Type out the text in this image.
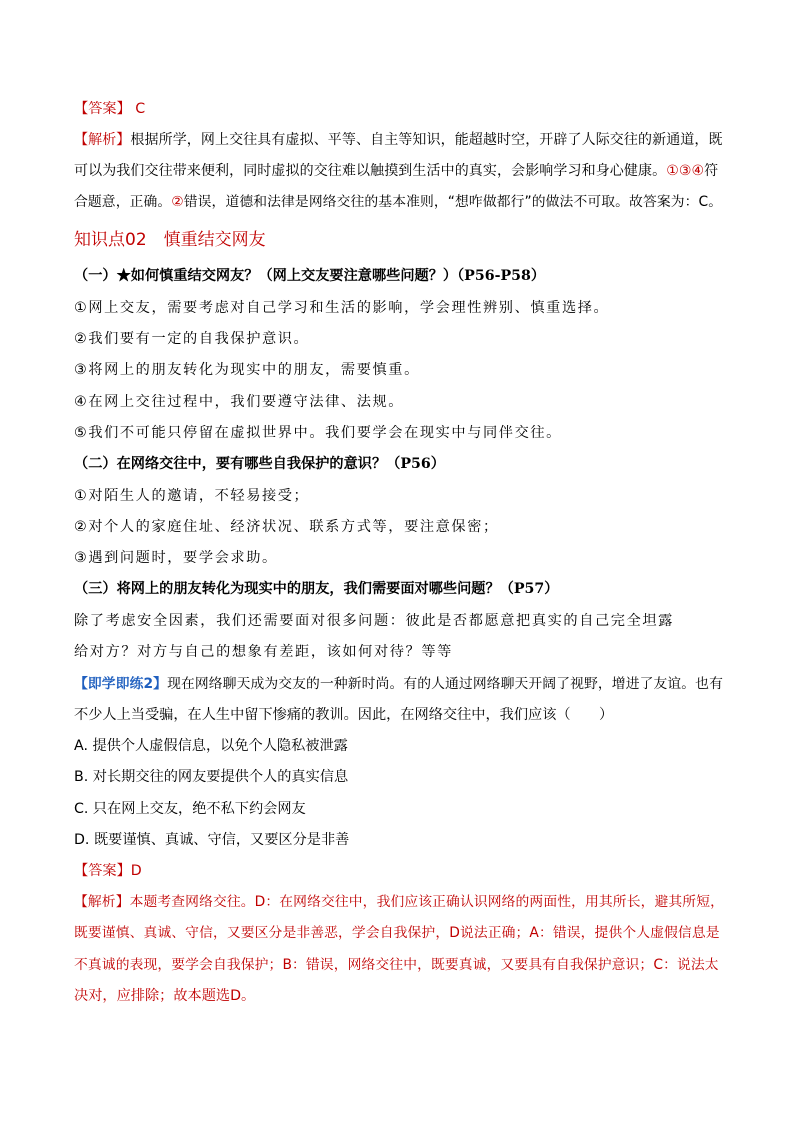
【答案】 C
【解析】根据所学，网上交往具有虚拟、平等、自主等知识，能超越时空，开辟了人际交往的新通道，既
可以为我们交往带来便利，同时虚拟的交往难以触摸到生活中的真实，会影响学习和身心健康。①③④符
合题意，正确。②错误，道德和法律是网络交往的基本准则，“想咋做都行”的做法不可取。故答案为：C。
知识点02　慎重结交网友
（一）★如何慎重结交网友？（网上交友要注意哪些问题？）（P56-P58）
①网上交友，需要考虑对自己学习和生活的影响，学会理性辨别、慎重选择。
②我们要有一定的自我保护意识。
③将网上的朋友转化为现实中的朋友，需要慎重。
④在网上交往过程中，我们要遵守法律、法规。
⑤我们不可能只停留在虚拟世界中。我们要学会在现实中与同伴交往。
（二）在网络交往中，要有哪些自我保护的意识？（P56）
①对陌生人的邀请，不轻易接受；
②对个人的家庭住址、经济状况、联系方式等，要注意保密；
③遇到问题时，要学会求助。
（三）将网上的朋友转化为现实中的朋友，我们需要面对哪些问题？（P57）
除了考虑安全因素，我们还需要面对很多问题：彼此是否都愿意把真实的自己完全坦露
给对方？对方与自己的想象有差距，该如何对待？等等
【即学即练2】现在网络聊天成为交友的一种新时尚。有的人通过网络聊天开阔了视野，增进了友谊。也有
不少人上当受骗，在人生中留下惨痛的教训。因此，在网络交往中，我们应该（　　）
A. 提供个人虚假信息，以免个人隐私被泄露
B. 对长期交往的网友要提供个人的真实信息
C. 只在网上交友，绝不私下约会网友
D. 既要谨慎、真诚、守信，又要区分是非善
【答案】D
【解析】本题考查网络交往。D：在网络交往中，我们应该正确认识网络的两面性，用其所长，避其所短，
既要谨慎、真诚、守信，又要区分是非善恶，学会自我保护，D说法正确；A：错误，提供个人虚假信息是
不真诚的表现，要学会自我保护；B：错误，网络交往中，既要真诚，又要具有自我保护意识；C：说法太
决对，应排除；故本题选D。
